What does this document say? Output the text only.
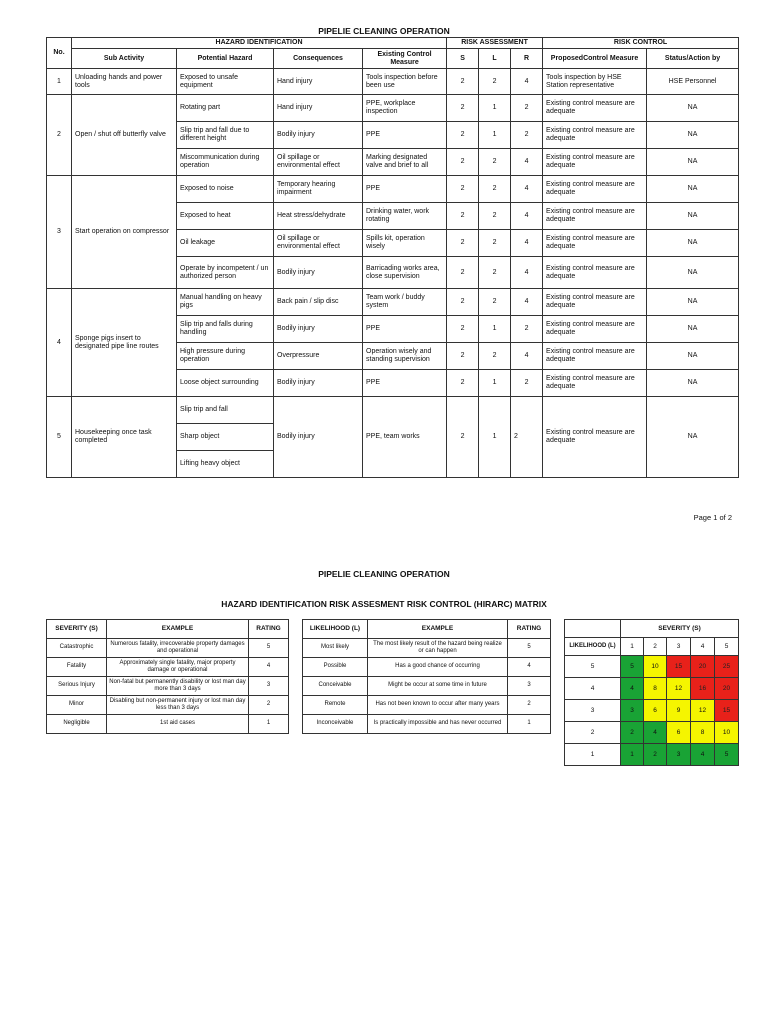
PIPELIE CLEANING OPERATION
No.	HAZARD IDENTIFICATION				RISK ASSESSMENT			RISK CONTROL	
	Sub Activity	Potential Hazard	Consequences	Existing Control Measure	S	L	R	ProposedControl Measure	Status/Action by
1	Unloading hands and power tools	Exposed to unsafe equipment	Hand injury	Tools inspection before been use	2	2	4	Tools inspection by HSE Station representative	HSE Personnel
2	Open / shut off butterfly valve	Rotating part	Hand injury	PPE, workplace inspection	2	1	2	Existing control measure are adequate	NA
		Slip trip and fall due to different height	Bodily injury	PPE	2	1	2	Existing control measure are adequate	NA
		Miscommunication during operation	Oil spillage or environmental effect	Marking designated valve and brief to all	2	2	4	Existing control measure are adequate	NA
3	Start operation on compressor	Exposed to noise	Temporary hearing impairment	PPE	2	2	4	Existing control measure are adequate	NA
		Exposed to heat	Heat stress/dehydrate	Drinking water, work rotating	2	2	4	Existing control measure are adequate	NA
		Oil leakage	Oil spillage or environmental effect	Spills kit, operation wisely	2	2	4	Existing control measure are adequate	NA
		Operate by incompetent / un authorized person	Bodily injury	Barricading works area, close supervision	2	2	4	Existing control measure are adequate	NA
4	Sponge pigs insert to designated pipe line routes	Manual handling on heavy pigs	Back pain / slip disc	Team work / buddy system	2	2	4	Existing control measure are adequate	NA
		Slip trip and falls during handling	Bodily injury	PPE	2	1	2	Existing control measure are adequate	NA
		High pressure during operation	Overpressure	Operation wisely and standing supervision	2	2	4	Existing control measure are adequate	NA
		Loose object surrounding	Bodily injury	PPE	2	1	2	Existing control measure are adequate	NA
5	Housekeeping once task completed	Slip trip and fall	Bodily injury	PPE, team works	2	1	2	Existing control measure are adequate	NA
		Sharp object							
		Lifting heavy object							
Page 1 of 2
PIPELIE CLEANING OPERATION
HAZARD IDENTIFICATION RISK ASSESMENT RISK CONTROL (HIRARC) MATRIX
SEVERITY (S)	EXAMPLE	RATING
Catastrophic	Numerous fatality, irrecoverable property damages and operational	5
Fatality	Approximately single fatality, major property damage or operational	4
Serious Injury	Non-fatal but permanently disability or lost man day more than 3 days	3
Minor	Disabling but non-permanent injury or lost man day less than 3 days	2
Negligible	1st aid cases	1
LIKELIHOOD (L)	EXAMPLE	RATING
Most likely	The most likely result of the hazard being realize or can happen	5
Possible	Has a good chance of occurring	4
Conceivable	Might be occur at some time in future	3
Remote	Has not been known to occur after many years	2
Inconceivable	Is practically impossible and has never occurred	1
	SEVERITY (S)				
LIKELIHOOD (L)	1	2	3	4	5
5	5	10	15	20	25
4	4	8	12	16	20
3	3	6	9	12	15
2	2	4	6	8	10
1	1	2	3	4	5
